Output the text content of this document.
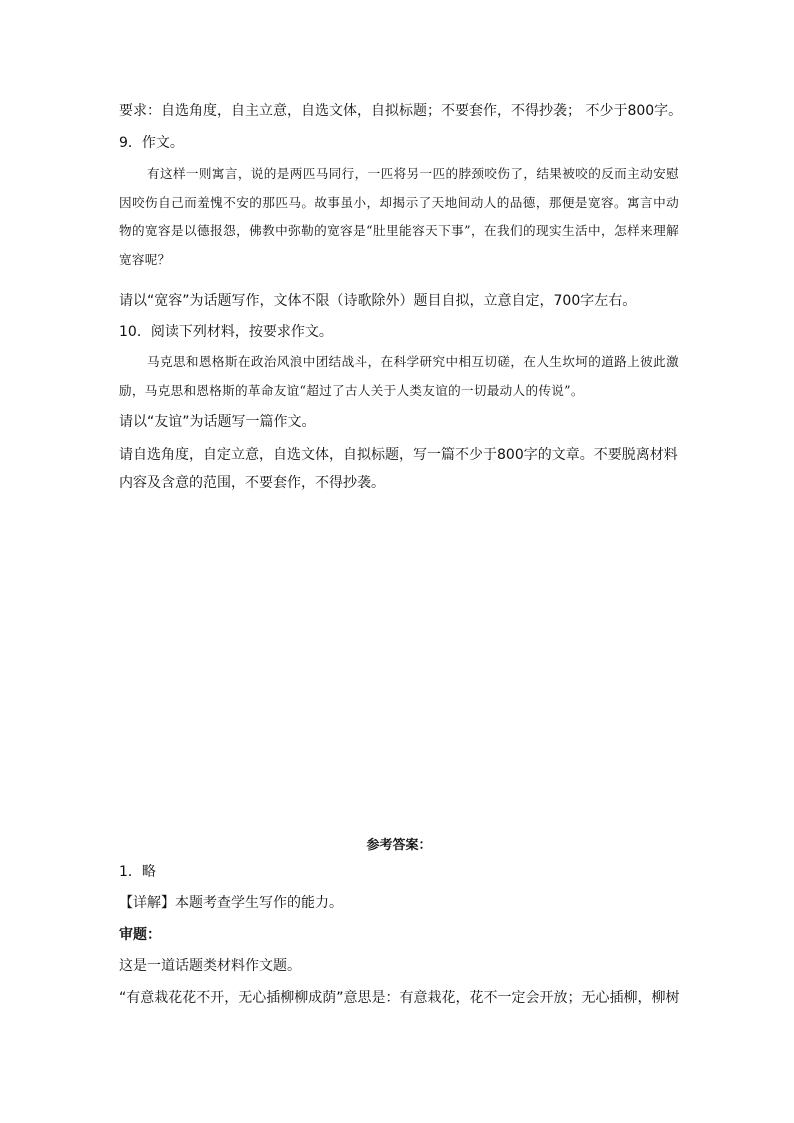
要求：自选角度，自主立意，自选文体，自拟标题；不要套作，不得抄袭； 不少于800字。
9．作文。
有这样一则寓言，说的是两匹马同行，一匹将另一匹的脖颈咬伤了，结果被咬的反而主动安慰因咬伤自己而羞愧不安的那匹马。故事虽小，却揭示了天地间动人的品德，那便是宽容。寓言中动物的宽容是以德报怨，佛教中弥勒的宽容是“肚里能容天下事”，在我们的现实生活中，怎样来理解宽容呢？
请以“宽容”为话题写作，文体不限（诗歌除外）题目自拟，立意自定，700字左右。
10．阅读下列材料，按要求作文。
马克思和恩格斯在政治风浪中团结战斗，在科学研究中相互切磋，在人生坎坷的道路上彼此激励，马克思和恩格斯的革命友谊“超过了古人关于人类友谊的一切最动人的传说”。
请以“友谊”为话题写一篇作文。
请自选角度，自定立意，自选文体，自拟标题，写一篇不少于800字的文章。不要脱离材料内容及含意的范围，不要套作，不得抄袭。
参考答案：
1．略
【详解】本题考查学生写作的能力。
审题：
这是一道话题类材料作文题。
“有意栽花花不开，无心插柳柳成荫”意思是：有意栽花，花不一定会开放；无心插柳，柳树
